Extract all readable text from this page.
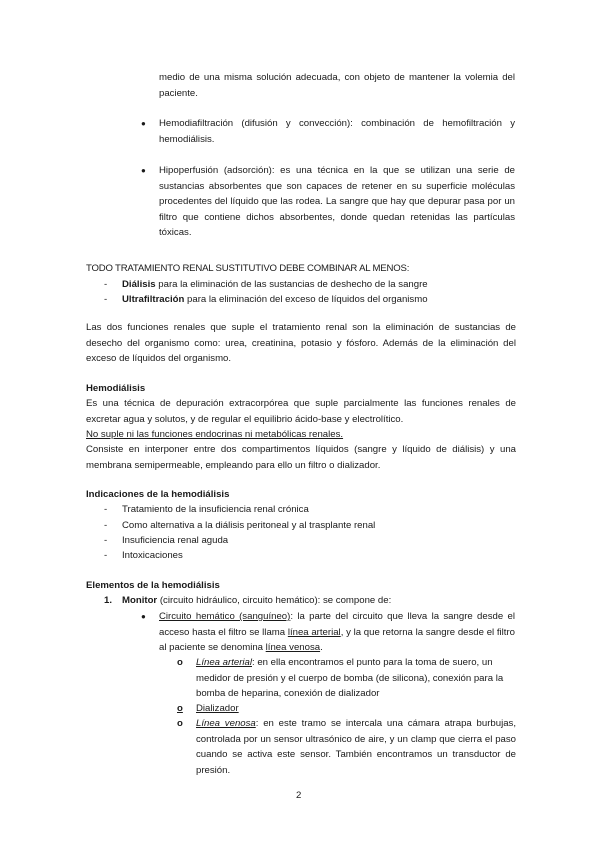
medio de una misma solución adecuada, con objeto de mantener la volemia del paciente.
● Hemodiafiltración (difusión y convección): combinación de hemofiltración y hemodiálisis.
● Hipoperfusión (adsorción): es una técnica en la que se utilizan una serie de sustancias absorbentes que son capaces de retener en su superficie moléculas procedentes del líquido que las rodea. La sangre que hay que depurar pasa por un filtro que contiene dichos absorbentes, donde quedan retenidas las partículas tóxicas.
TODO TRATAMIENTO RENAL SUSTITUTIVO DEBE COMBINAR AL MENOS:
- Diálisis para la eliminación de las sustancias de deshecho de la sangre
- Ultrafiltración para la eliminación del exceso de líquidos del organismo
Las dos funciones renales que suple el tratamiento renal son la eliminación de sustancias de desecho del organismo como: urea, creatinina, potasio y fósforo. Además de la eliminación del exceso de líquidos del organismo.
Hemodiálisis
Es una técnica de depuración extracorpórea que suple parcialmente las funciones renales de excretar agua y solutos, y de regular el equilibrio ácido-base y electrolítico.
No suple ni las funciones endocrinas ni metabólicas renales.
Consiste en interponer entre dos compartimentos líquidos (sangre y líquido de diálisis) y una membrana semipermeable, empleando para ello un filtro o dializador.
Indicaciones de la hemodiálisis
- Tratamiento de la insuficiencia renal crónica
- Como alternativa a la diálisis peritoneal y al trasplante renal
- Insuficiencia renal aguda
- Intoxicaciones
Elementos de la hemodiálisis
1. Monitor (circuito hidráulico, circuito hemático): se compone de:
● Circuito hemático (sanguíneo): la parte del circuito que lleva la sangre desde el acceso hasta el filtro se llama línea arterial, y la que retorna la sangre desde el filtro al paciente se denomina línea venosa.
o Línea arterial: en ella encontramos el punto para la toma de suero, un medidor de presión y el cuerpo de bomba (de silicona), conexión para la bomba de heparina, conexión de dializador
o Dializador
o Línea venosa: en este tramo se intercala una cámara atrapa burbujas, controlada por un sensor ultrasónico de aire, y un clamp que cierra el paso cuando se activa este sensor. También encontramos un transductor de presión.
2
